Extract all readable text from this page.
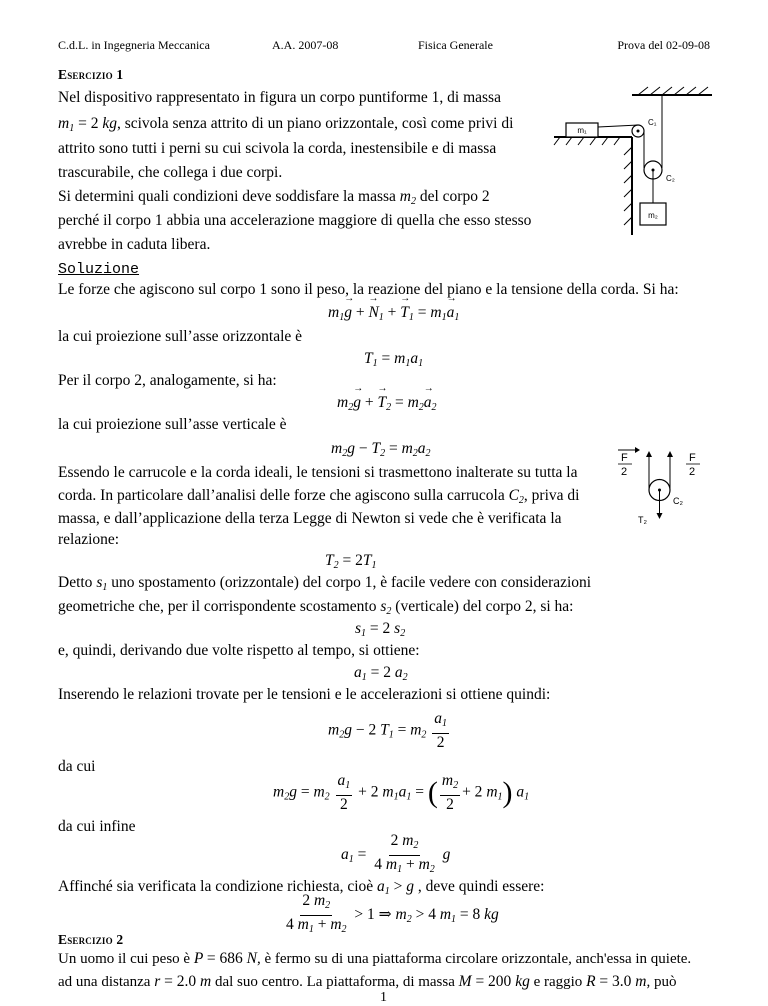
C.d.L. in Ingegneria Meccanica	A.A. 2007-08	Fisica Generale	Prova del 02-09-08
Esercizio 1
Nel dispositivo rappresentato in figura un corpo puntiforme 1, di massa
$m_1 = 2$ kg, scivola senza attrito di un piano orizzontale, così come privi di
attrito sono tutti i perni su cui scivola la corda, inestensibile e di massa
trascurabile, che collega i due corpi.
Si determini quali condizioni deve soddisfare la massa $m_2$ del corpo 2
perché il corpo 1 abbia una accelerazione maggiore di quella che esso stesso
avrebbe in caduta libera.
m₁
C₁
C₂
m₂
Soluzione
Le forze che agiscono sul corpo 1 sono il peso, la reazione del piano e la tensione della corda. Si ha:
$m_1g$ → + $N \to_1 + T \to_1 = m_1a \to_1$
la cui proiezione sull’asse orizzontale è
$T_1 = m_1a_1$
Per il corpo 2, analogamente, si ha:
$m_2g$ → + $T \to_2 = m_2a \to_2$
la cui proiezione sull’asse verticale è
$m_2g - T_2 = m_2a_2$
Essendo le carrucole e la corda ideali, le tensioni si trasmettono inalterate su tutta la
corda. In particolare dall’analisi delle forze che agiscono sulla carrucola $C_2$, priva di
massa, e dall’applicazione della terza Legge di Newton si vede che è verificata la
relazione:
F
2
F
2
C₂
T₂
$T_2 = 2T_1$
Detto $s_1$ uno spostamento (orizzontale) del corpo 1, è facile vedere con considerazioni
geometriche che, per il corrispondente scostamento $s_2$ (verticale) del corpo 2, si ha:
$s_1 = 2$ $s_2$
e, quindi, derivando due volte rispetto al tempo, si ottiene:
$a_1 = 2$ $a_2$
Inserendo le relazioni trovate per le tensioni e le accelerazioni si ottiene quindi:
$m_2g - 2$ $T_1 = m_2 \frac{a_1}{2}$
da cui
$m_2g = m_2 \frac{a_1}{2} + 2$ $m_1a_1$ = ( $\frac{m_2}{2} + 2$ $m_1$) $a_1$
da cui infine
$a_1 = \frac{2 m_2}{4 m_1 + m_2}$ g
Affinché sia verificata la condizione richiesta, cioè $a_1 > g$ , deve quindi essere:
$\frac{2 m_2}{4 m_1 + m_2} > 1$ ⇒ $m_2 > 4$ $m_1 = 8$ kg
Esercizio 2
Un uomo il cui peso è P = 686 N, è fermo su di una piattaforma circolare orizzontale, anch'essa in quiete.
ad una distanza r = 2.0 m dal suo centro. La piattaforma, di massa M = 200 kg e raggio R = 3.0 m, può
1
